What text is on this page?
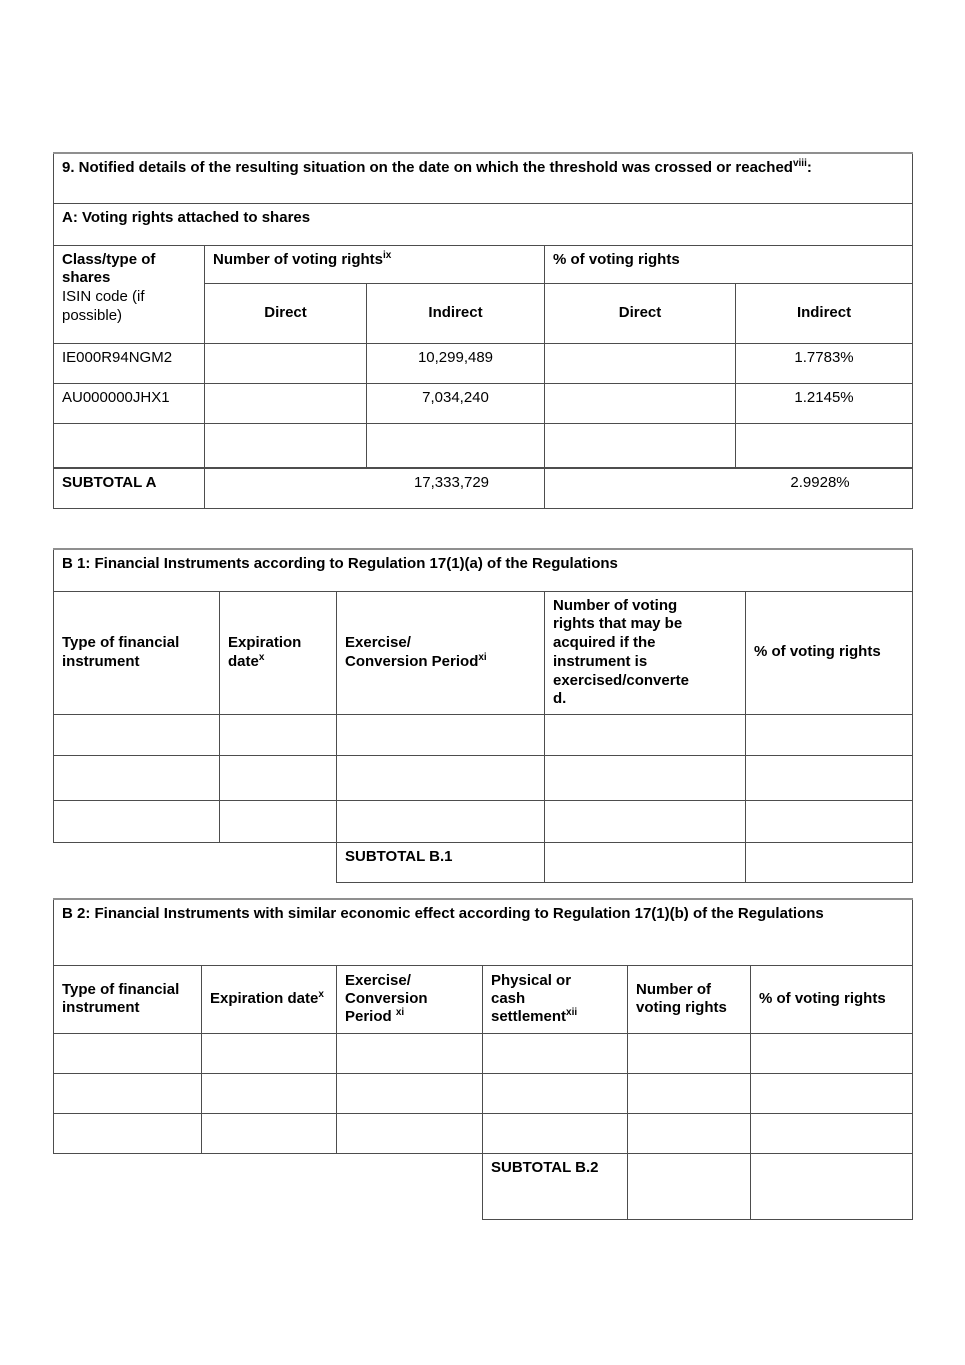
9. Notified details of the resulting situation on the date on which the threshold was crossed or reached$^{viii}$:				
A: Voting rights attached to shares				

Class/type of shares
ISIN code (if possible)	Number of voting rights$^{ix}$		% of voting rights	
	Direct	Indirect	Direct	Indirect
IE000R94NGM2		10,299,489		1.7783%
AU000000JHX1		7,034,240		1.2145%

SUBTOTAL A	17,333,729		2.9928%	
B 1: Financial Instruments according to Regulation 17(1)(a) of the Regulations				
Type of financial instrument	Expiration date$^x$	Exercise/
Conversion Period$^{xi}$	Number of voting rights that may be acquired if the instrument is exercised/converted.	% of voting rights

		SUBTOTAL B.1		
B 2: Financial Instruments with similar economic effect according to Regulation 17(1)(b) of the Regulations					
Type of financial instrument	Expiration date$^x$	Exercise/
Conversion
Period $^{xi}$	Physical or cash settlement$^{xii}$	Number of voting rights	% of voting rights

			SUBTOTAL B.2		
